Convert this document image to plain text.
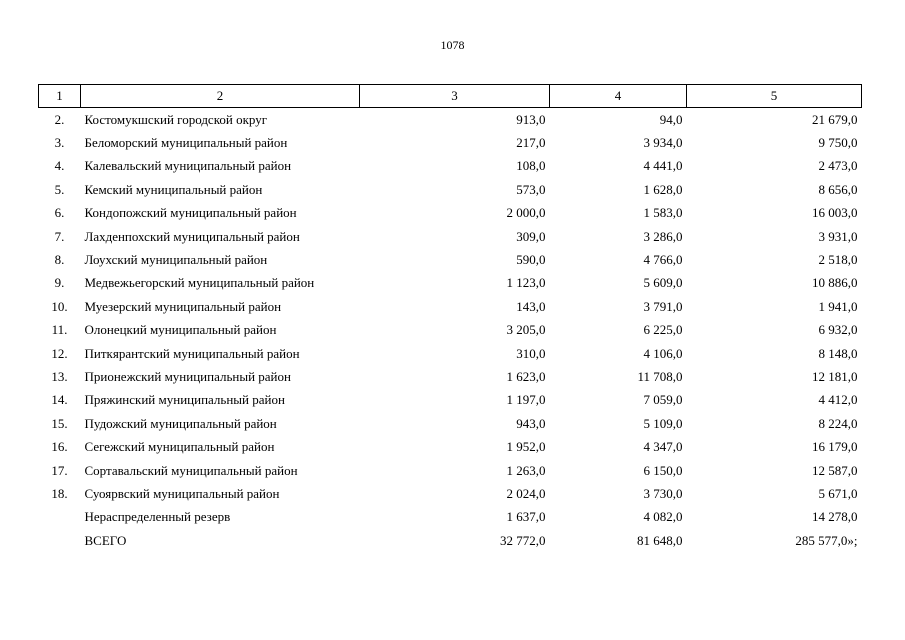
1078
1	2	3	4	5
2.	Костомукшский городской округ	913,0	94,0	21 679,0
3.	Беломорский муниципальный район	217,0	3 934,0	9 750,0
4.	Калевальский муниципальный район	108,0	4 441,0	2 473,0
5.	Кемский муниципальный район	573,0	1 628,0	8 656,0
6.	Кондопожский муниципальный район	2 000,0	1 583,0	16 003,0
7.	Лахденпохский муниципальный район	309,0	3 286,0	3 931,0
8.	Лоухский муниципальный район	590,0	4 766,0	2 518,0
9.	Медвежьегорский муниципальный район	1 123,0	5 609,0	10 886,0
10.	Муезерский муниципальный район	143,0	3 791,0	1 941,0
11.	Олонецкий муниципальный район	3 205,0	6 225,0	6 932,0
12.	Питкярантский муниципальный район	310,0	4 106,0	8 148,0
13.	Прионежский муниципальный район	1 623,0	11 708,0	12 181,0
14.	Пряжинский муниципальный район	1 197,0	7 059,0	4 412,0
15.	Пудожский муниципальный район	943,0	5 109,0	8 224,0
16.	Сегежский муниципальный район	1 952,0	4 347,0	16 179,0
17.	Сортавальский муниципальный район	1 263,0	6 150,0	12 587,0
18.	Суоярвский муниципальный район	2 024,0	3 730,0	5 671,0
	Нераспределенный резерв	1 637,0	4 082,0	14 278,0
	ВСЕГО	32 772,0	81 648,0	285 577,0»;
